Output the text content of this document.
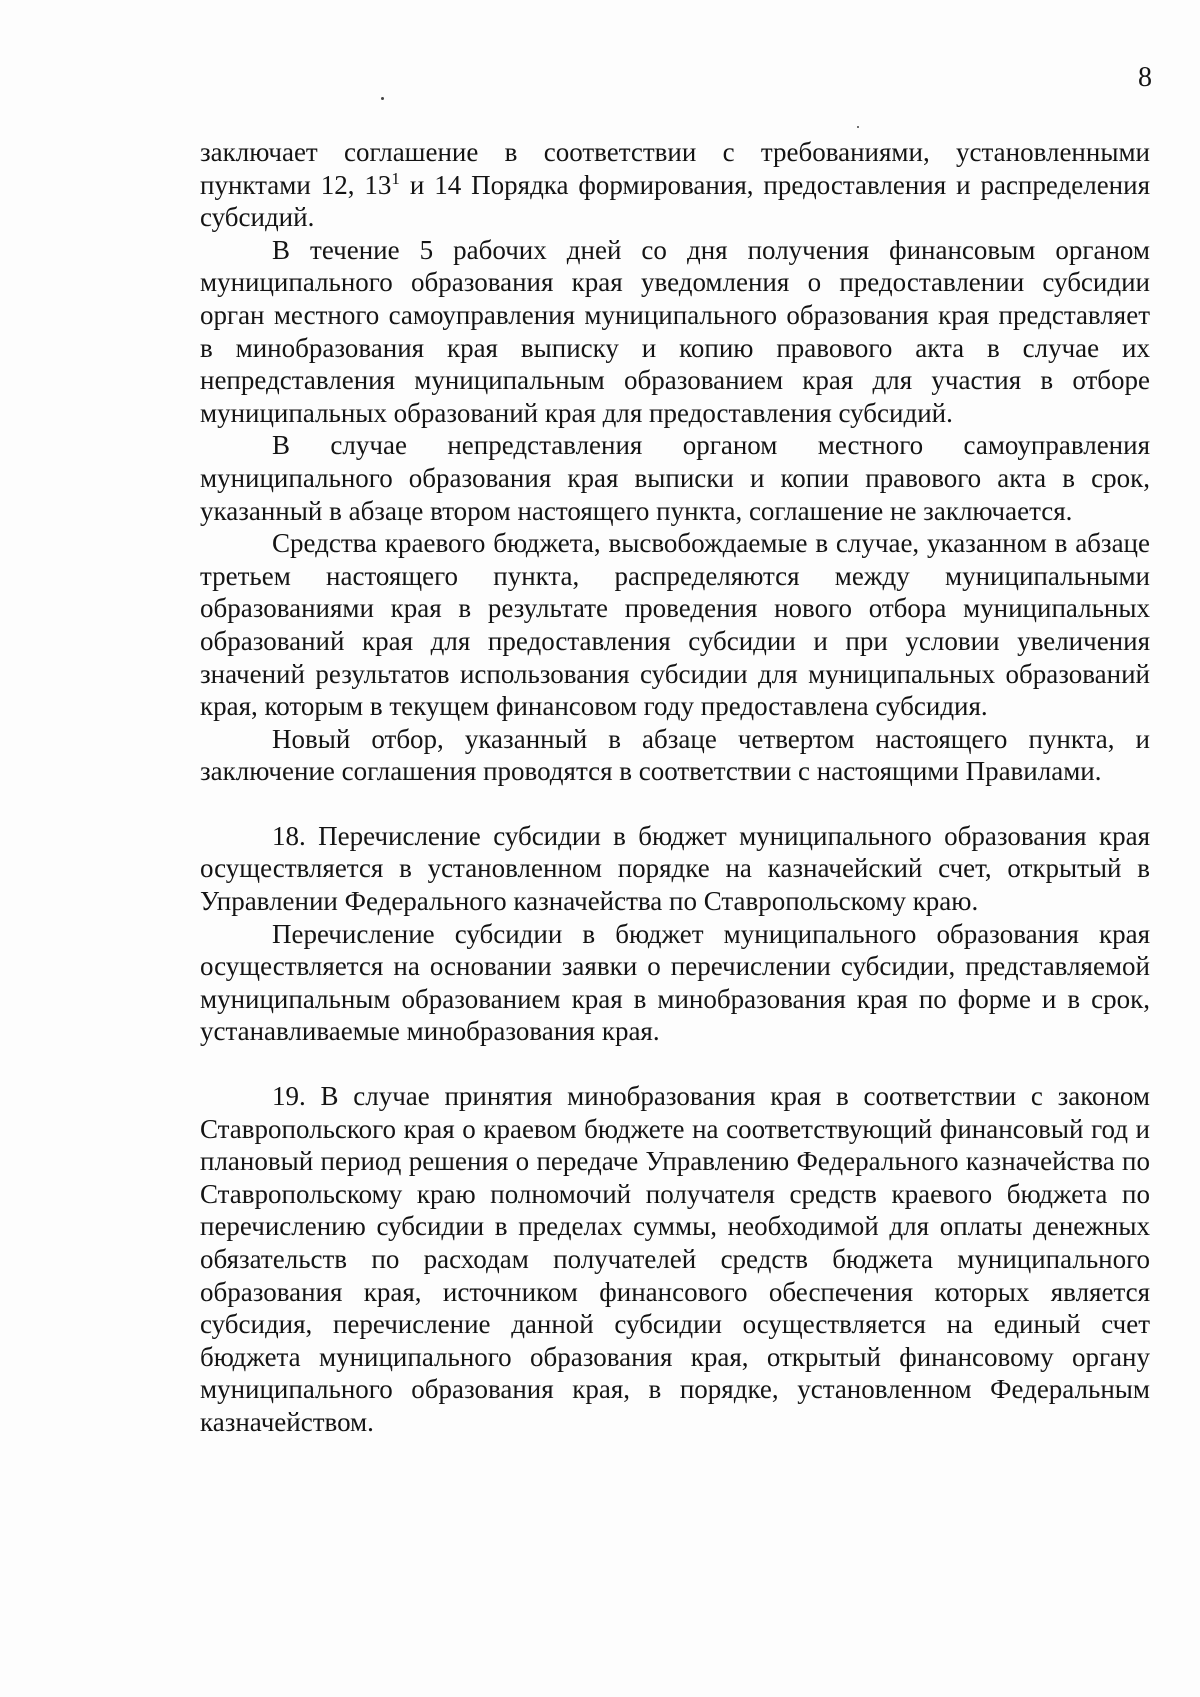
8

заключает соглашение в соответствии с требованиями, установленными пунктами 12, $13^1$ и 14 Порядка формирования, предоставления и распределения субсидий.

В течение 5 рабочих дней со дня получения финансовым органом муниципального образования края уведомления о предоставлении субсидии орган местного самоуправления муниципального образования края представляет в минобразования края выписку и копию правового акта в случае их непредставления муниципальным образованием края для участия в отборе муниципальных образований края для предоставления субсидий.

В случае непредставления органом местного самоуправления муниципального образования края выписки и копии правового акта в срок, указанный в абзаце втором настоящего пункта, соглашение не заключается.

Средства краевого бюджета, высвобождаемые в случае, указанном в абзаце третьем настоящего пункта, распределяются между муниципальными образованиями края в результате проведения нового отбора муниципальных образований края для предоставления субсидии и при условии увеличения значений результатов использования субсидии для муниципальных образований края, которым в текущем финансовом году предоставлена субсидия.

Новый отбор, указанный в абзаце четвертом настоящего пункта, и заключение соглашения проводятся в соответствии с настоящими Правилами.

18. Перечисление субсидии в бюджет муниципального образования края осуществляется в установленном порядке на казначейский счет, открытый в Управлении Федерального казначейства по Ставропольскому краю.

Перечисление субсидии в бюджет муниципального образования края осуществляется на основании заявки о перечислении субсидии, представляемой муниципальным образованием края в минобразования края по форме и в срок, устанавливаемые минобразования края.

19. В случае принятия минобразования края в соответствии с законом Ставропольского края о краевом бюджете на соответствующий финансовый год и плановый период решения о передаче Управлению Федерального казначейства по Ставропольскому краю полномочий получателя средств краевого бюджета по перечислению субсидии в пределах суммы, необходимой для оплаты денежных обязательств по расходам получателей средств бюджета муниципального образования края, источником финансового обеспечения которых является субсидия, перечисление данной субсидии осуществляется на единый счет бюджета муниципального образования края, открытый финансовому органу муниципального образования края, в порядке, установленном Федеральным казначейством.
